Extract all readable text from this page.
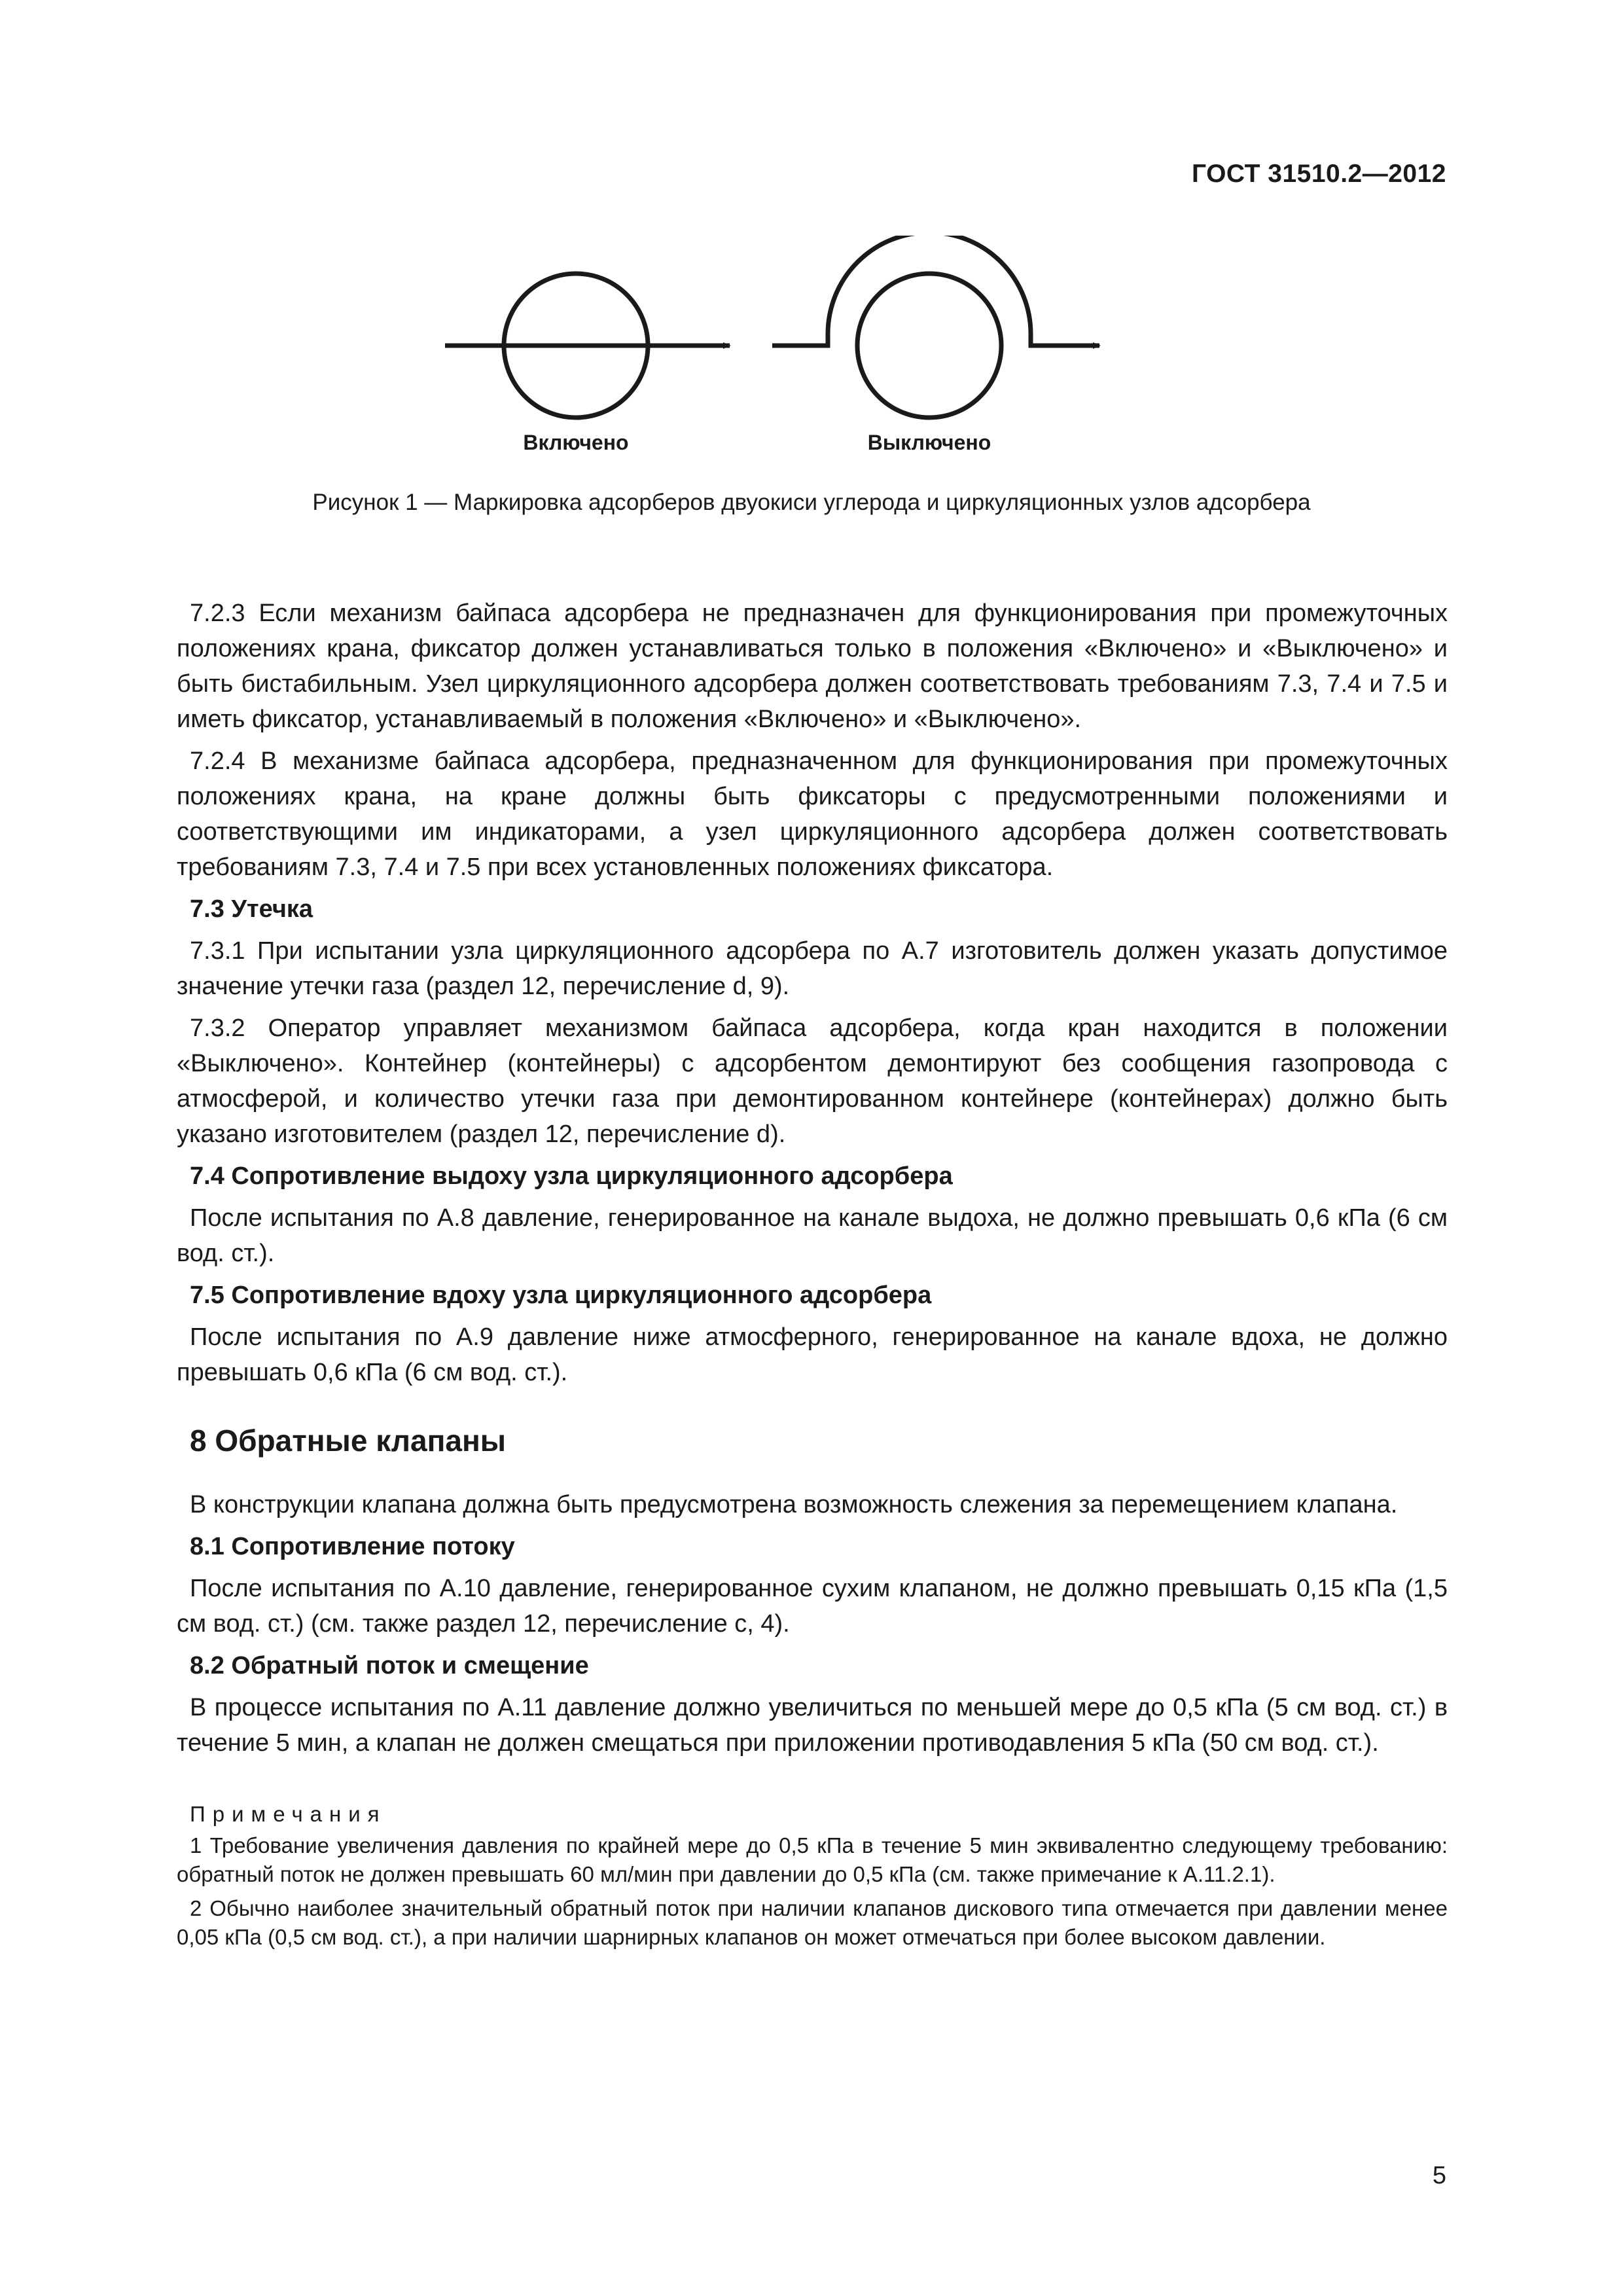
ГОСТ 31510.2—2012
Включено	Выключено
Рисунок 1 — Маркировка адсорберов двуокиси углерода и циркуляционных узлов адсорбера
7.2.3 Если механизм байпаса адсорбера не предназначен для функционирования при промежуточных положениях крана, фиксатор должен устанавливаться только в положения «Включено» и «Выключено» и быть бистабильным. Узел циркуляционного адсорбера должен соответствовать требованиям 7.3, 7.4 и 7.5 и иметь фиксатор, устанавливаемый в положения «Включено» и «Выключено».
7.2.4 В механизме байпаса адсорбера, предназначенном для функционирования при промежуточных положениях крана, на кране должны быть фиксаторы с предусмотренными положениями и соответствующими им индикаторами, а узел циркуляционного адсорбера должен соответствовать требованиям 7.3, 7.4 и 7.5 при всех установленных положениях фиксатора.
7.3 Утечка
7.3.1 При испытании узла циркуляционного адсорбера по А.7 изготовитель должен указать допустимое значение утечки газа (раздел 12, перечисление d, 9).
7.3.2 Оператор управляет механизмом байпаса адсорбера, когда кран находится в положении «Выключено». Контейнер (контейнеры) с адсорбентом демонтируют без сообщения газопровода с атмосферой, и количество утечки газа при демонтированном контейнере (контейнерах) должно быть указано изготовителем (раздел 12, перечисление d).
7.4 Сопротивление выдоху узла циркуляционного адсорбера
После испытания по А.8 давление, генерированное на канале выдоха, не должно превышать 0,6 кПа (6 см вод. ст.).
7.5 Сопротивление вдоху узла циркуляционного адсорбера
После испытания по А.9 давление ниже атмосферного, генерированное на канале вдоха, не должно превышать 0,6 кПа (6 см вод. ст.).
8 Обратные клапаны
В конструкции клапана должна быть предусмотрена возможность слежения за перемещением клапана.
8.1 Сопротивление потоку
После испытания по А.10 давление, генерированное сухим клапаном, не должно превышать 0,15 кПа (1,5 см вод. ст.) (см. также раздел 12, перечисление c, 4).
8.2 Обратный поток и смещение
В процессе испытания по А.11 давление должно увеличиться по меньшей мере до 0,5 кПа (5 см вод. ст.) в течение 5 мин, а клапан не должен смещаться при приложении противодавления 5 кПа (50 см вод. ст.).
Примечания
1 Требование увеличения давления по крайней мере до 0,5 кПа в течение 5 мин эквивалентно следующему требованию: обратный поток не должен превышать 60 мл/мин при давлении до 0,5 кПа (см. также примечание к А.11.2.1).
2 Обычно наиболее значительный обратный поток при наличии клапанов дискового типа отмечается при давлении менее 0,05 кПа (0,5 см вод. ст.), а при наличии шарнирных клапанов он может отмечаться при более высоком давлении.
5
